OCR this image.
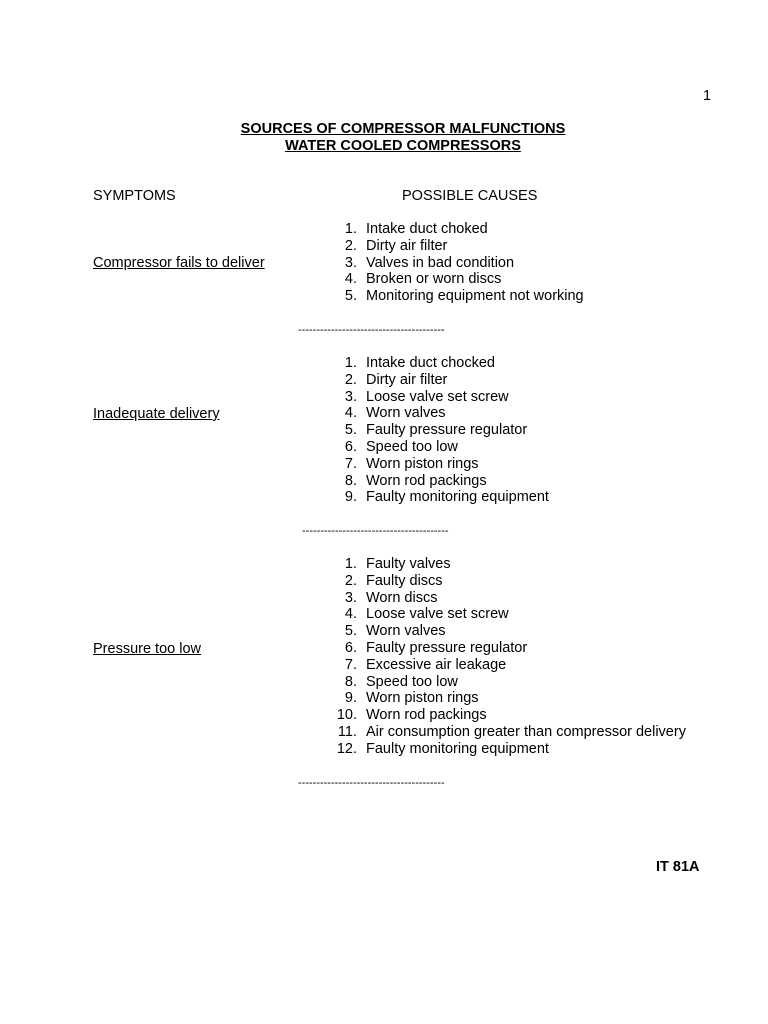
1
SOURCES OF COMPRESSOR MALFUNCTIONS
WATER COOLED COMPRESSORS
SYMPTOMS	POSSIBLE CAUSES
Compressor fails to deliver
1. Intake duct choked
2. Dirty air filter
3. Valves in bad condition
4. Broken or worn discs
5. Monitoring equipment not working
----------------------------------------
Inadequate delivery
1. Intake duct chocked
2. Dirty air filter
3. Loose valve set screw
4. Worn valves
5. Faulty pressure regulator
6. Speed too low
7. Worn piston rings
8. Worn rod packings
9. Faulty monitoring equipment
----------------------------------------
Pressure too low
1. Faulty valves
2. Faulty discs
3. Worn discs
4. Loose valve set screw
5. Worn valves
6. Faulty pressure regulator
7. Excessive air leakage
8. Speed too low
9. Worn piston rings
10. Worn rod packings
11. Air consumption greater than compressor delivery
12. Faulty monitoring equipment
----------------------------------------
IT 81A
